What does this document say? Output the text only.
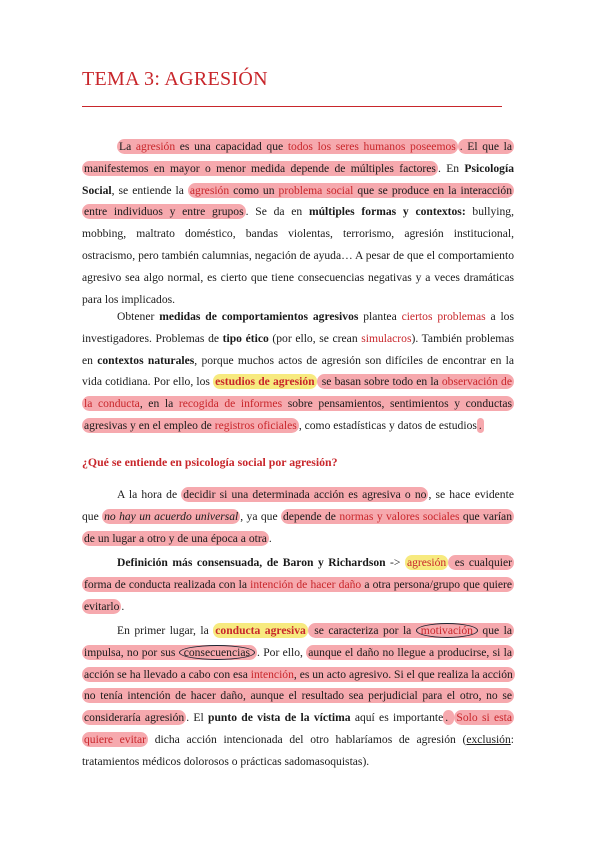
TEMA 3: AGRESIÓN

La agresión es una capacidad que todos los seres humanos poseemos . El que la manifestemos en mayor o menor medida depende de múltiples factores . En Psicología Social, se entiende la agresión como un problema social que se produce en la interacción entre individuos y entre grupos . Se da en múltiples formas y contextos: bullying, mobbing, maltrato doméstico, bandas violentas, terrorismo, agresión institucional, ostracismo, pero también calumnias, negación de ayuda… A pesar de que el comportamiento agresivo sea algo normal, es cierto que tiene consecuencias negativas y a veces dramáticas para los implicados.

Obtener medidas de comportamientos agresivos plantea ciertos problemas a los investigadores. Problemas de tipo ético (por ello, se crean simulacros). También problemas en contextos naturales, porque muchos actos de agresión son difíciles de encontrar en la vida cotidiana. Por ello, los estudios de agresión se basan sobre todo en la observación de la conducta, en la recogida de informes sobre pensamientos, sentimientos y conductas agresivas y en el empleo de registros oficiales , como estadísticas y datos de estudios .

¿Qué se entiende en psicología social por agresión?

A la hora de decidir si una determinada acción es agresiva o no , se hace evidente que no hay un acuerdo universal , ya que depende de normas y valores sociales que varían de un lugar a otro y de una época a otra .

Definición más consensuada, de Baron y Richardson -> agresión es cualquier forma de conducta realizada con la intención de hacer daño a otra persona/grupo que quiere evitarlo .

En primer lugar, la conducta agresiva se caracteriza por la motivación que la impulsa, no por sus consecuencias . Por ello, aunque el daño no llegue a producirse, si la acción se ha llevado a cabo con esa intención, es un acto agresivo. Si el que realiza la acción no tenía intención de hacer daño, aunque el resultado sea perjudicial para el otro, no se consideraría agresión . El punto de vista de la víctima aquí es importante . Solo si esta quiere evitar dicha acción intencionada del otro hablaríamos de agresión (exclusión: tratamientos médicos dolorosos o prácticas sadomasoquistas).
